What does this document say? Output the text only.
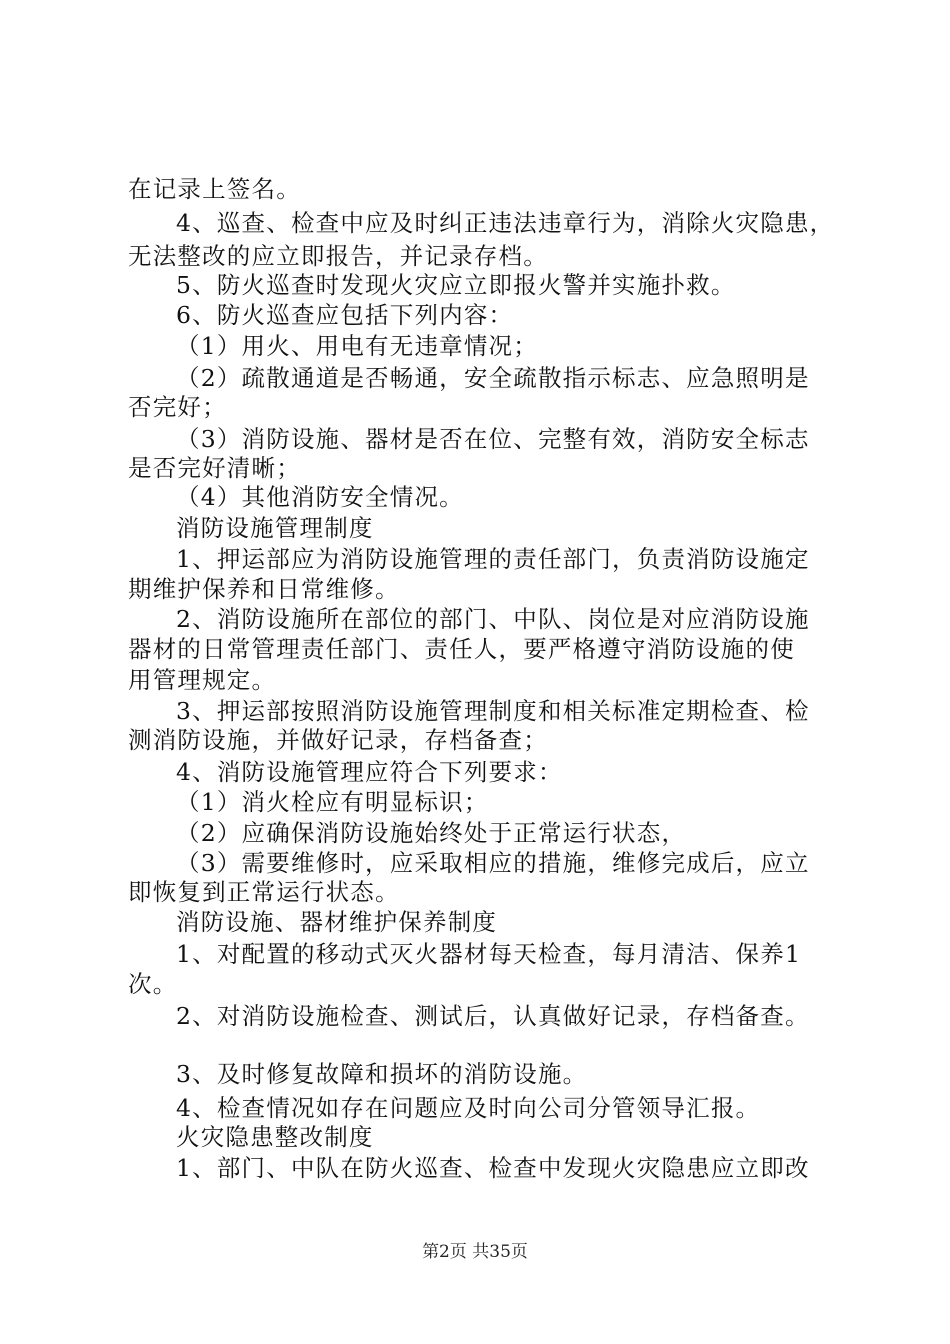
在记录上签名。
4、巡查、检查中应及时纠正违法违章行为，消除火灾隐患，
无法整改的应立即报告，并记录存档。
5、防火巡查时发现火灾应立即报火警并实施扑救。
6、防火巡查应包括下列内容：
（1）用火、用电有无违章情况；
（2）疏散通道是否畅通，安全疏散指示标志、应急照明是
否完好；
（3）消防设施、器材是否在位、完整有效，消防安全标志
是否完好清晰；
（4）其他消防安全情况。
消防设施管理制度
1、押运部应为消防设施管理的责任部门，负责消防设施定
期维护保养和日常维修。
2、消防设施所在部位的部门、中队、岗位是对应消防设施
器材的日常管理责任部门、责任人，要严格遵守消防设施的使
用管理规定。
3、押运部按照消防设施管理制度和相关标准定期检查、检
测消防设施，并做好记录，存档备查；
4、消防设施管理应符合下列要求：
（1）消火栓应有明显标识；
（2）应确保消防设施始终处于正常运行状态，
（3）需要维修时，应采取相应的措施，维修完成后，应立
即恢复到正常运行状态。
消防设施、器材维护保养制度
1、对配置的移动式灭火器材每天检查，每月清洁、保养1
次。
2、对消防设施检查、测试后，认真做好记录，存档备查。
3、及时修复故障和损坏的消防设施。
4、检查情况如存在问题应及时向公司分管领导汇报。
火灾隐患整改制度
1、部门、中队在防火巡查、检查中发现火灾隐患应立即改
第2页 共35页
